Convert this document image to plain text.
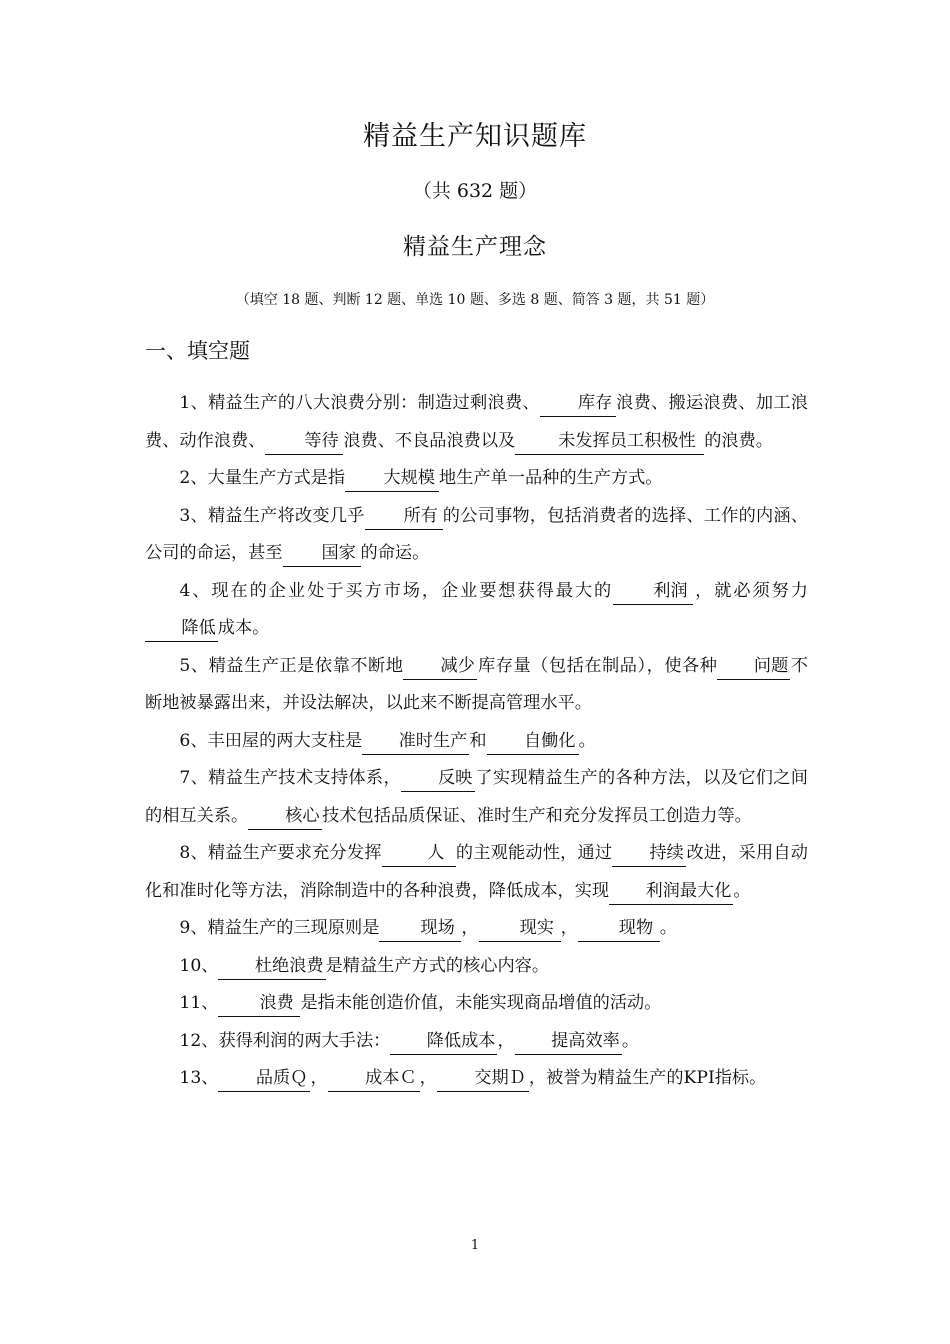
精益生产知识题库
（共 632 题）
精益生产理念
（填空 18 题、判断 12 题、单选 10 题、多选 8 题、简答 3 题，共 51 题）
一、填空题

1、精益生产的八大浪费分别：制造过剩浪费、 库存 浪费、搬运浪费、加工浪费、动作浪费、 等待 浪费、不良品浪费以及 未发挥员工积极性 的浪费。

2、大量生产方式是指 大规模 地生产单一品种的生产方式。

3、精益生产将改变几乎 所有 的公司事物，包括消费者的选择、工作的内涵、公司的命运，甚至 国家 的命运。

4、现在的企业处于买方市场，企业要想获得最大的 利润 ，就必须努力降低 成本。

5、精益生产正是依靠不断地 减少 库存量（包括在制品），使各种 问题 不断地被暴露出来，并设法解决，以此来不断提高管理水平。

6、丰田屋的两大支柱是 准时生产 和 自働化 。

7、精益生产技术支持体系， 反映 了实现精益生产的各种方法，以及它们之间的相互关系。 核心 技术包括品质保证、准时生产和充分发挥员工创造力等。

8、精益生产要求充分发挥	人 的主观能动性，通过 持续 改进，采用自动化和准时化等方法，消除制造中的各种浪费，降低成本，实现 利润最大化 。

9、精益生产的三现原则是 现场 ， 现实 ， 现物 。

10、 杜绝浪费 是精益生产方式的核心内容。

11、 浪费 是指未能创造价值，未能实现商品增值的活动。

12、获得利润的两大手法： 降低成本 ， 提高效率 。

13、 品质Ｑ ， 成本Ｃ ， 交期Ｄ ，被誉为精益生产的KPI指标。

1
